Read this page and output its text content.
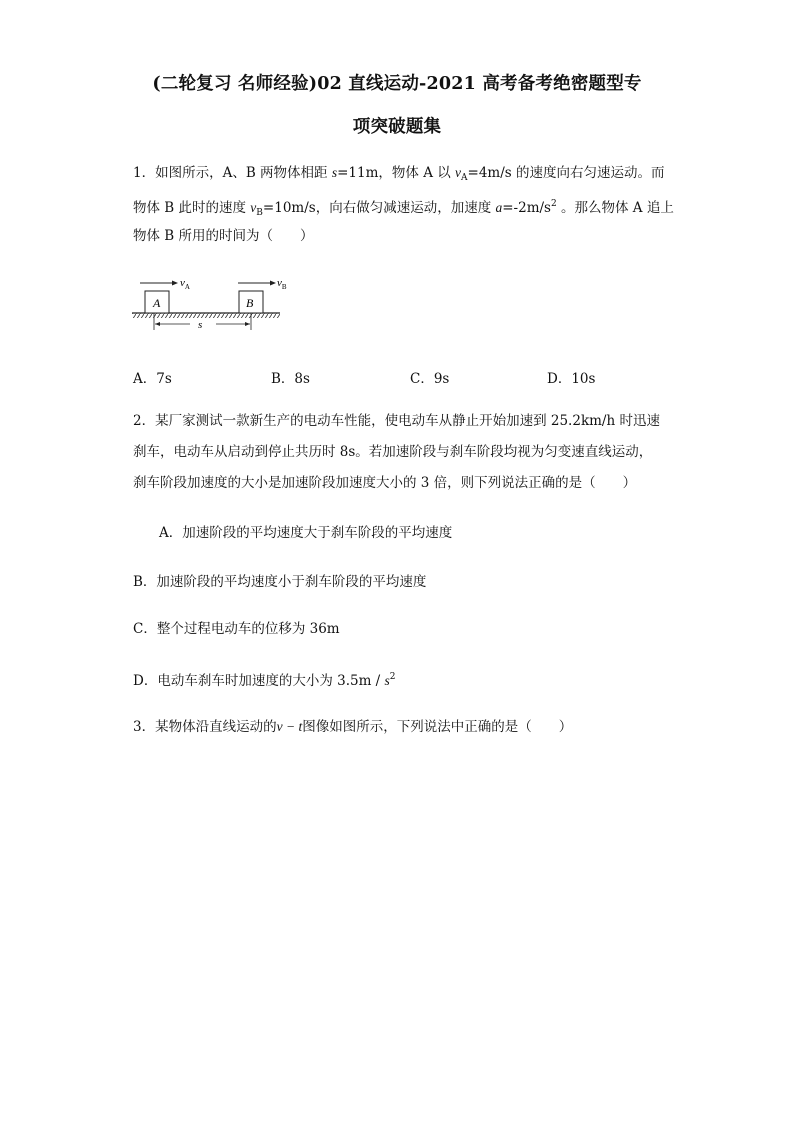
(二轮复习 名师经验)02 直线运动-2021 高考备考绝密题型专
项突破题集
1．如图所示，A、B 两物体相距 s=11m，物体 A 以 $v_A=4m/s$ 的速度向右匀速运动。而
物体 B 此时的速度 $v_B=10m/s$，向右做匀减速运动，加速度 $a=-2m/s^2$ 。那么物体 A 追上
物体 B 所用的时间为（　　）
A	B
$v_A$	$v_B$
s
A．7s	B．8s	C．9s	D．10s
2．某厂家测试一款新生产的电动车性能，使电动车从静止开始加速到 25.2km/h 时迅速
刹车，电动车从启动到停止共历时 8s。若加速阶段与刹车阶段均视为匀变速直线运动，
刹车阶段加速度的大小是加速阶段加速度大小的 3 倍，则下列说法正确的是（　　）
A．加速阶段的平均速度大于刹车阶段的平均速度
B．加速阶段的平均速度小于刹车阶段的平均速度
C．整个过程电动车的位移为 36m
D．电动车刹车时加速度的大小为 $3.5m / s^2$
3．某物体沿直线运动的v − t图像如图所示，下列说法中正确的是（　　）
